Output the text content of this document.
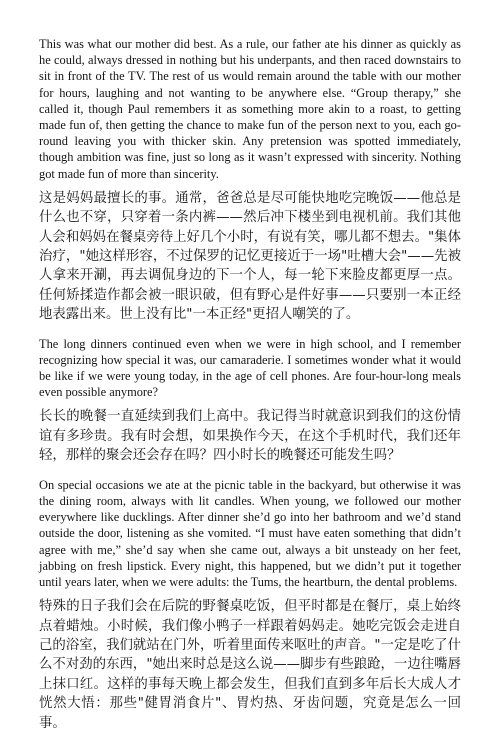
This was what our mother did best. As a rule, our father ate his dinner as quickly as he could, always dressed in nothing but his underpants, and then raced downstairs to sit in front of the TV. The rest of us would remain around the table with our mother for hours, laughing and not wanting to be anywhere else. “Group therapy,” she called it, though Paul remembers it as something more akin to a roast, to getting made fun of, then getting the chance to make fun of the person next to you, each go-round leaving you with thicker skin. Any pretension was spotted immediately, though ambition was fine, just so long as it wasn’t expressed with sincerity. Nothing got made fun of more than sincerity.

这是妈妈最擅长的事。通常，爸爸总是尽可能快地吃完晚饭——他总是什么也不穿，只穿着一条内裤——然后冲下楼坐到电视机前。我们其他人会和妈妈在餐桌旁待上好几个小时，有说有笑，哪儿都不想去。"集体治疗，"她这样形容，不过保罗的记忆更接近于一场"吐槽大会"——先被人拿来开涮，再去调侃身边的下一个人，每一轮下来脸皮都更厚一点。任何矫揉造作都会被一眼识破，但有野心是件好事——只要别一本正经地表露出来。世上没有比"一本正经"更招人嘲笑的了。

The long dinners continued even when we were in high school, and I remember recognizing how special it was, our camaraderie. I sometimes wonder what it would be like if we were young today, in the age of cell phones. Are four-hour-long meals even possible anymore?

长长的晚餐一直延续到我们上高中。我记得当时就意识到我们的这份情谊有多珍贵。我有时会想，如果换作今天，在这个手机时代，我们还年轻，那样的聚会还会存在吗？四小时长的晚餐还可能发生吗？

On special occasions we ate at the picnic table in the backyard, but otherwise it was the dining room, always with lit candles. When young, we followed our mother everywhere like ducklings. After dinner she’d go into her bathroom and we’d stand outside the door, listening as she vomited. “I must have eaten something that didn’t agree with me,” she’d say when she came out, always a bit unsteady on her feet, jabbing on fresh lipstick. Every night, this happened, but we didn’t put it together until years later, when we were adults: the Tums, the heartburn, the dental problems.

特殊的日子我们会在后院的野餐桌吃饭，但平时都是在餐厅，桌上始终点着蜡烛。小时候，我们像小鸭子一样跟着妈妈走。她吃完饭会走进自己的浴室，我们就站在门外，听着里面传来呕吐的声音。"一定是吃了什么不对劲的东西，"她出来时总是这么说——脚步有些踉跄，一边往嘴唇上抹口红。这样的事每天晚上都会发生，但我们直到多年后长大成人才恍然大悟：那些"健胃消食片"、胃灼热、牙齿问题，究竟是怎么一回事。
